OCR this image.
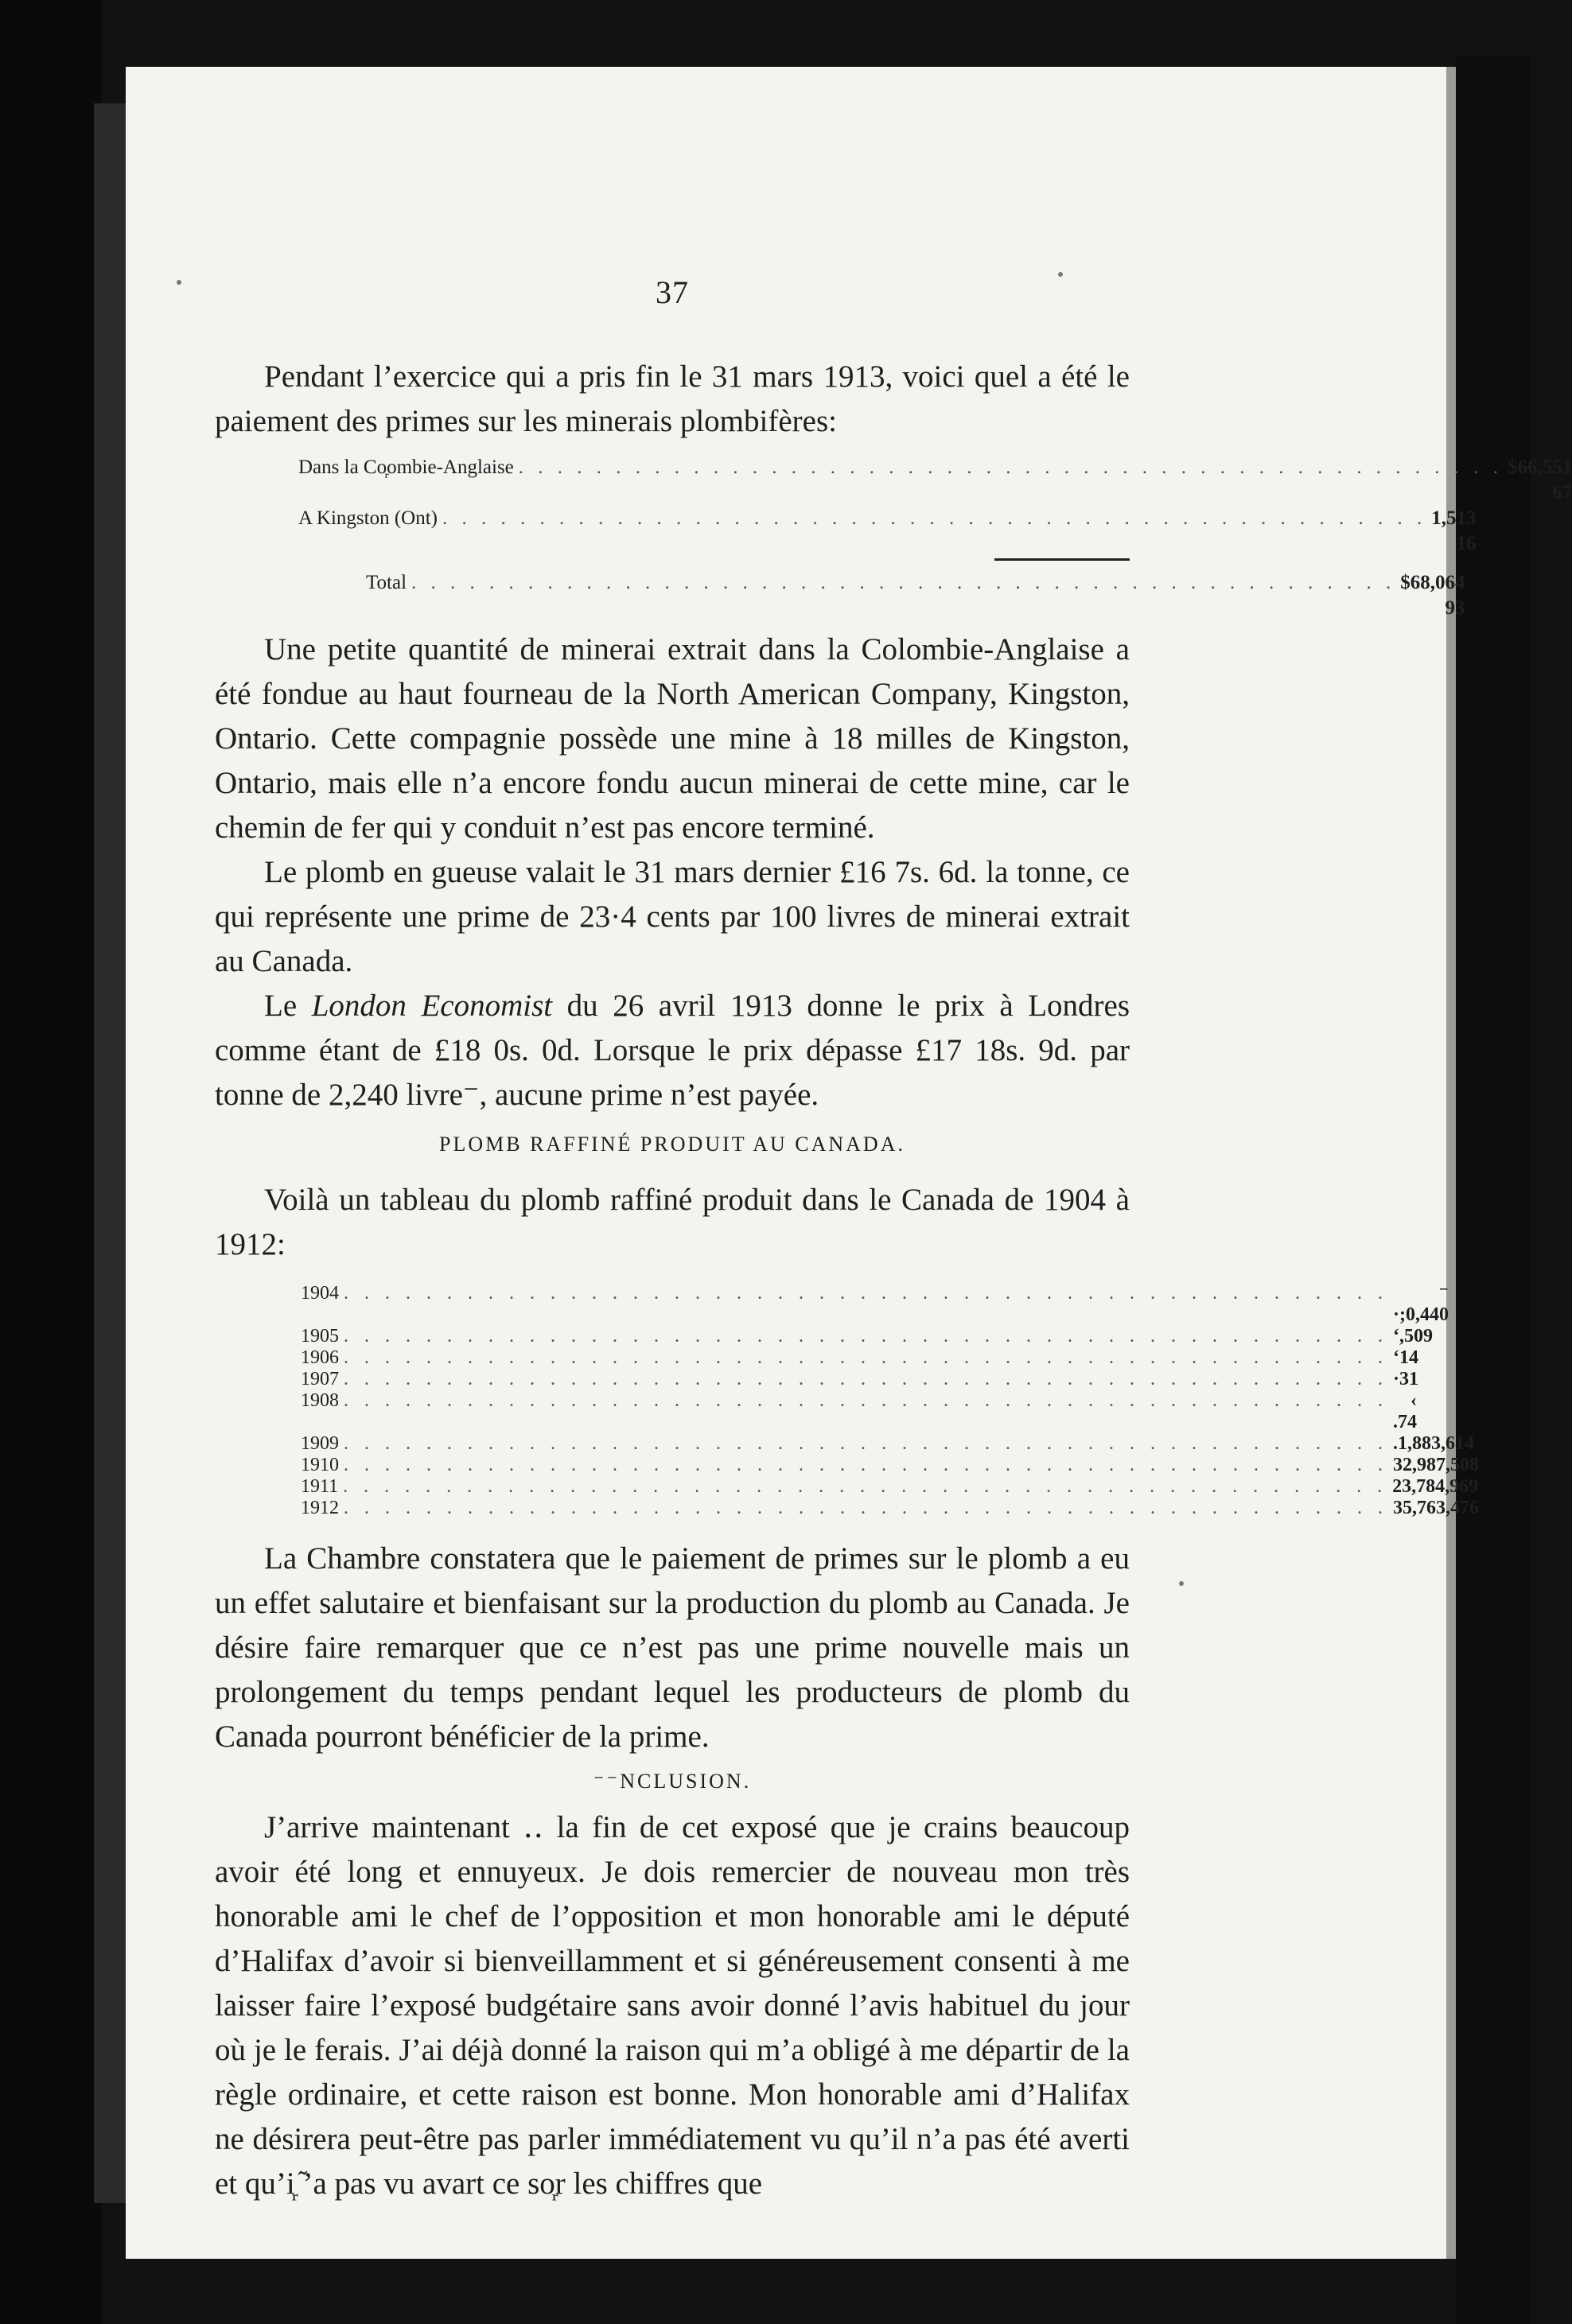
37

Pendant l’exercice qui a pris fin le 31 mars 1913, voici quel a été le paiement des primes sur les minerais plombifères:

Dans la Co᷊ombie-Anglaise . . . . . . . . . . . . . . . . . . . . . . . . . . . . . . . . . . . . . . . . . . . . . . . . . . . $66,551 67
A Kingston (Ont) . . . . . . . . . . . . . . . . . . . . . . . . . . . . . . . . . . . . . . . . . . . . . . . . . . . 1,513 16
Total . . . . . . . . . . . . . . . . . . . . . . . . . . . . . . . . . . . . . . . . . . . . . . . . . . . $68,064 93

Une petite quantité de minerai extrait dans la Colombie-Anglaise a été fondue au haut fourneau de la North American Company, Kingston, Ontario. Cette compagnie possède une mine à 18 milles de Kingston, Ontario, mais elle n’a encore fondu aucun minerai de cette mine, car le chemin de fer qui y conduit n’est pas encore terminé.

Le plomb en gueuse valait le 31 mars dernier £16 7s. 6d. la tonne, ce qui représente une prime de 23·4 cents par 100 livres de minerai extrait au Canada.

Le London Economist du 26 avril 1913 donne le prix à Londres comme étant de £18 0s. 0d. Lorsque le prix dépasse £17 18s. 9d. par tonne de 2,240 livre⁻, aucune prime n’est payée.

PLOMB RAFFINÉ PRODUIT AU CANADA.

Voilà un tableau du plomb raffiné produit dans le Canada de 1904 à 1912:

1904 . . . . . . . . . . . . . . . . . . . . . . . . . . . . . . . . . . . . . . . . . . . . . . . . . . .	⁻ ·;0,440
1905 . . . . . . . . . . . . . . . . . . . . . . . . . . . . . . . . . . . . . . . . . . . . . . . . . . . ‘,509
1906 . . . . . . . . . . . . . . . . . . . . . . . . . . . . . . . . . . . . . . . . . . . . . . . . . . . ‘14
1907 . . . . . . . . . . . . . . . . . . . . . . . . . . . . . . . . . . . . . . . . . . . . . . . . . . . ·31
1908 . . . . . . . . . . . . . . . . . . . . . . . . . . . . . . . . . . . . . . . . . . . . . . . . . . .	‹ .74
1909 . . . . . . . . . . . . . . . . . . . . . . . . . . . . . . . . . . . . . . . . . . . . . . . . . . . .1,883,614
1910 . . . . . . . . . . . . . . . . . . . . . . . . . . . . . . . . . . . . . . . . . . . . . . . . . . . 32,987,508
1911 . . . . . . . . . . . . . . . . . . . . . . . . . . . . . . . . . . . . . . . . . . . . . . . . . . . 23,784,969
1912 . . . . . . . . . . . . . . . . . . . . . . . . . . . . . . . . . . . . . . . . . . . . . . . . . . . 35,763,476

La Chambre constatera que le paiement de primes sur le plomb a eu un effet salutaire et bienfaisant sur la production du plomb au Canada. Je désire faire remarquer que ce n’est pas une prime nouvelle mais un prolongement du temps pendant lequel les producteurs de plomb du Canada pourront bénéficier de la prime.

⁻⁻NCLUSION.

J’arrive maintenant ‥ la fin de cet exposé que je crains beaucoup avoir été long et ennuyeux. Je dois remercier de nouveau mon très honorable ami le chef de l’opposition et mon honorable ami le député d’Halifax d’avoir si bienveillamment et si généreusement consenti à me laisser faire l’exposé budgétaire sans avoir donné l’avis habituel du jour où je le ferais. J’ai déjà donné la raison qui m’a obligé à me départir de la règle ordinaire, et cette raison est bonne. Mon honorable ami d’Halifax ne désirera peut-être pas parler immédiatement vu qu’il n’a pas été averti et qu’i᷊ ᷉’a pas vu avart ce so᷊r les chiffres que
